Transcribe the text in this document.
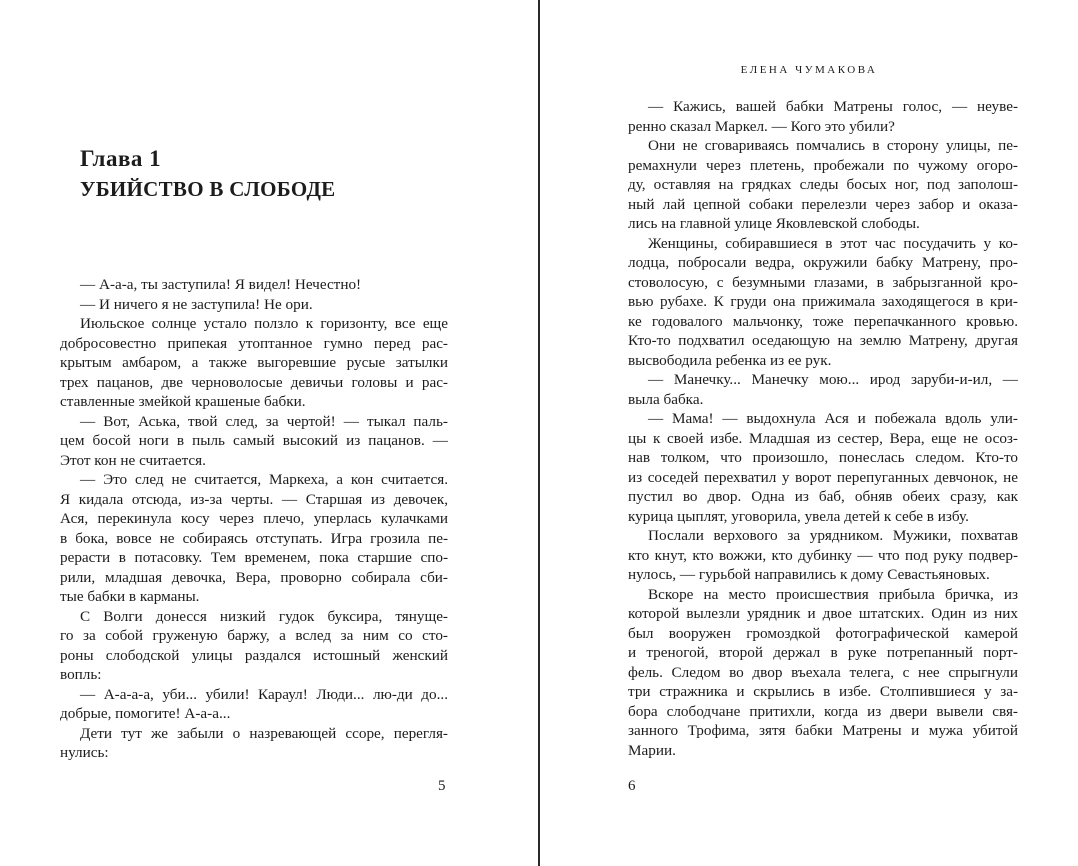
Глава 1
УБИЙСТВО В СЛОБОДЕ
— А-а-а, ты заступила! Я видел! Нечестно!
— И ничего я не заступила! Не ори.
Июльское солнце устало ползло к горизонту, все еще
добросовестно припекая утоптанное гумно перед рас-
крытым амбаром, а также выгоревшие русые затылки
трех пацанов, две черноволосые девичьи головы и рас-
ставленные змейкой крашеные бабки.
— Вот, Аська, твой след, за чертой! — тыкал паль-
цем босой ноги в пыль самый высокий из пацанов. —
Этот кон не считается.
— Это след не считается, Маркеха, а кон считается.
Я кидала отсюда, из-за черты. — Старшая из девочек,
Ася, перекинула косу через плечо, уперлась кулачками
в бока, вовсе не собираясь отступать. Игра грозила пе-
рерасти в потасовку. Тем временем, пока старшие спо-
рили, младшая девочка, Вера, проворно собирала сби-
тые бабки в карманы.
С Волги донесся низкий гудок буксира, тянуще-
го за собой груженую баржу, а вслед за ним со сто-
роны слободской улицы раздался истошный женский
вопль:
— А-а-а-а, уби... убили! Караул! Люди... лю-ди до...
добрые, помогите! А-а-а...
Дети тут же забыли о назревающей ссоре, перегля-
нулись:
5
ЕЛЕНА ЧУМАКОВА
— Кажись, вашей бабки Матрены голос, — неуве-
ренно сказал Маркел. — Кого это убили?
Они не сговариваясь помчались в сторону улицы, пе-
ремахнули через плетень, пробежали по чужому огоро-
ду, оставляя на грядках следы босых ног, под заполош-
ный лай цепной собаки перелезли через забор и оказа-
лись на главной улице Яковлевской слободы.
Женщины, собиравшиеся в этот час посудачить у ко-
лодца, побросали ведра, окружили бабку Матрену, про-
стоволосую, с безумными глазами, в забрызганной кро-
вью рубахе. К груди она прижимала заходящегося в кри-
ке годовалого мальчонку, тоже перепачканного кровью.
Кто-то подхватил оседающую на землю Матрену, другая
высвободила ребенка из ее рук.
— Манечку... Манечку мою... ирод заруби-и-ил, —
выла бабка.
— Мама! — выдохнула Ася и побежала вдоль ули-
цы к своей избе. Младшая из сестер, Вера, еще не осоз-
нав толком, что произошло, понеслась следом. Кто-то
из соседей перехватил у ворот перепуганных девчонок, не
пустил во двор. Одна из баб, обняв обеих сразу, как
курица цыплят, уговорила, увела детей к себе в избу.
Послали верхового за урядником. Мужики, похватав
кто кнут, кто вожжи, кто дубинку — что под руку подвер-
нулось, — гурьбой направились к дому Севастьяновых.
Вскоре на место происшествия прибыла бричка, из
которой вылезли урядник и двое штатских. Один из них
был вооружен громоздкой фотографической камерой
и треногой, второй держал в руке потрепанный порт-
фель. Следом во двор въехала телега, с нее спрыгнули
три стражника и скрылись в избе. Столпившиеся у за-
бора слободчане притихли, когда из двери вывели свя-
занного Трофима, зятя бабки Матрены и мужа убитой
Марии.
6
